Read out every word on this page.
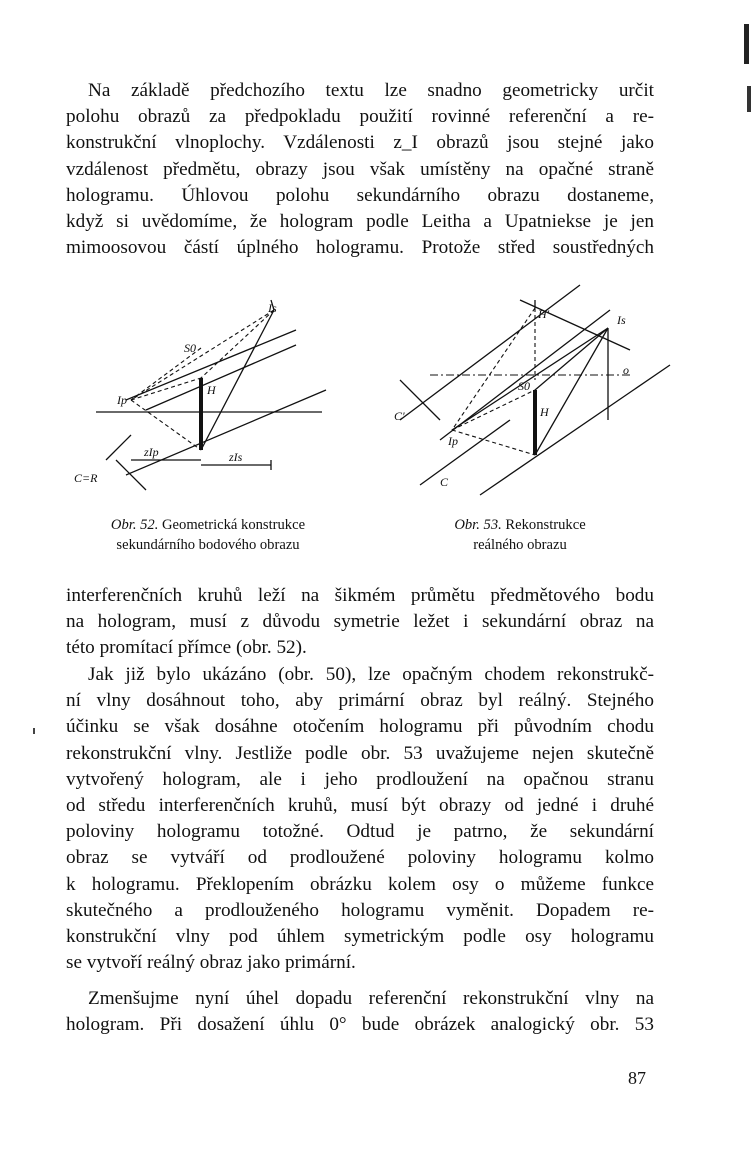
Na základě předchozího textu lze snadno geometricky určit
polohu obrazů za předpokladu použití rovinné referenční a re-
konstrukční vlnoplochy. Vzdálenosti z_I obrazů jsou stejné jako
vzdálenost předmětu, obrazy jsou však umístěny na opačné straně
hologramu. Úhlovou polohu sekundárního obrazu dostaneme,
když si uvědomíme, že hologram podle Leitha a Upatniekse je jen
mimoosovou částí úplného hologramu. Protože střed soustředných
Is
S0
H
Ip
zIp	zIs
C=R
H'	Is
o
C'
S0
H
Ip
C
Obr. 52. Geometrická konstrukce
sekundárního bodového obrazu
Obr. 53. Rekonstrukce
reálného obrazu
interferenčních kruhů leží na šikmém průmětu předmětového bodu
na hologram, musí z důvodu symetrie ležet i sekundární obraz na
této promítací přímce (obr. 52).
Jak již bylo ukázáno (obr. 50), lze opačným chodem rekonstrukč-
ní vlny dosáhnout toho, aby primární obraz byl reálný. Stejného
účinku se však dosáhne otočením hologramu při původním chodu
rekonstrukční vlny. Jestliže podle obr. 53 uvažujeme nejen skutečně
vytvořený hologram, ale i jeho prodloužení na opačnou stranu
od středu interferenčních kruhů, musí být obrazy od jedné i druhé
poloviny hologramu totožné. Odtud je patrno, že sekundární
obraz se vytváří od prodloužené poloviny hologramu kolmo
k hologramu. Překlopením obrázku kolem osy o můžeme funkce
skutečného a prodlouženého hologramu vyměnit. Dopadem re-
konstrukční vlny pod úhlem symetrickým podle osy hologramu
se vytvoří reálný obraz jako primární.
Zmenšujme nyní úhel dopadu referenční rekonstrukční vlny na
hologram. Při dosažení úhlu 0° bude obrázek analogický obr. 53
87
